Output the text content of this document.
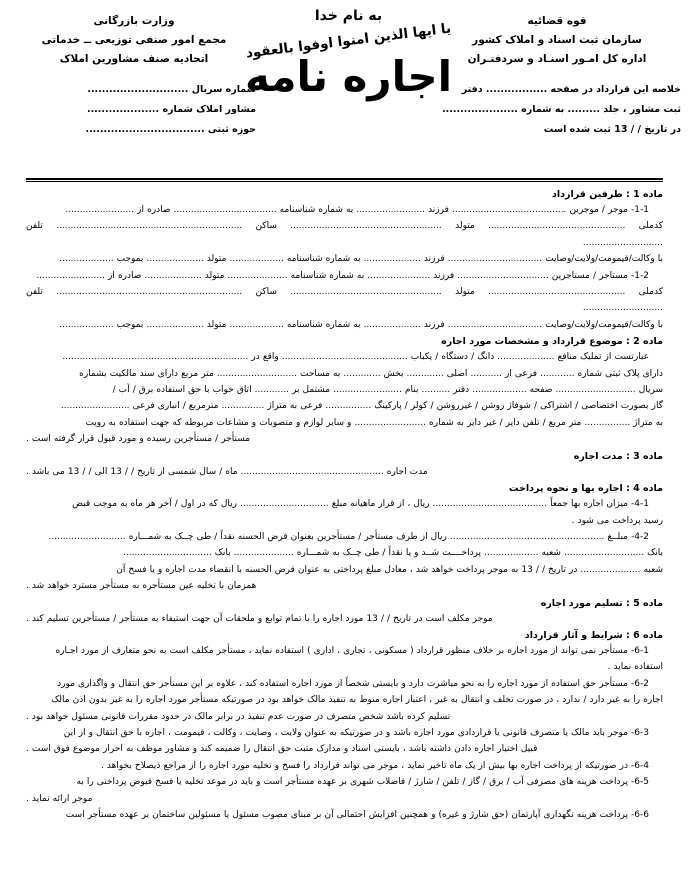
قوه قضائیه
سازمان ثبت اسناد و املاک کشور
اداره کل امـور اسنـاد و سردفتـران
خلاصه این قرارداد در صفحه ................. دفتر
ثبت مشاور ، جلد ......... به شماره .....................
در تاریخ / / 13 ثبت شده است
به نام خدا
یا ایها الذین امنوا اوفوا بالعقود
اجاره نامه
وزارت بازرگانی
مجمع امور صنفی توزیعی ــ خدماتی
اتحادیه صنف مشاورین املاک
شماره سریال ............................
مشاور املاک شماره ....................
حوزه ثبتی .................................
ماده 1 : طرفین قرارداد

1-1- موجر / موجرین ........................................ فرزند ........................ به شماره شناسنامه .................................... صادره از ........................

کدملی ................................................ متولد ..................................................... ساکن ................................................................. تلفن ............................

با وکالت/قیمومت/ولایت/وصایت ................................. فرزند .................... به شماره شناسنامه ................... متولد .................... بموجب ...................

1-2- مستاجر / مستاجرین ................................ فرزند ...................... به شماره شناسنامه ..................... متولد .................... صادره از ........................

کدملی ................................................ متولد ..................................................... ساکن ................................................................. تلفن ............................

با وکالت/قیمومت/ولایت/وصایت ................................. فرزند .................... به شماره شناسنامه ................... متولد .................... بموجب ...................

ماده 2 : موضوع قرارداد و مشخصات مورد اجاره

عبارتست از تملیک منافع .................... دانگ / دستگاه / یکباب ............................................ واقع در .................................................................

دارای پلاک ثبتی شماره ............ فرعی از ........... اصلی ............. بخش ............. به مساحت ............................ متر مربع دارای سند مالکیت بشماره

سریال ............................ صفحه ................... دفتر .......... بنام ........................ مشتمل بر ............ اتاق خواب با حق استفاده برق / آب /

گاز بصورت اختصاصی / اشتراکی / شوفاژ روشن / غیرروشن / کولر / پارکینگ ................ فرعی به متراژ ............... مترمربع / انباری فرعی ........................

به متراژ ................ متر مربع / تلفن دایر / غیر دایر به شماره ......................... و سایر لوازم و منصوبات و مشاعات مربوطه که جهت استفاده به رویت

مستأجر / مستأجرین رسیده و مورد قبول قرار گرفته است .

ماده 3 : مدت اجاره

مدت اجاره .................................................. ماه / سال شمسی از تاریخ / / 13 الی / / 13 می باشد .

ماده 4 : اجاره بها و نحوه پرداخت

4-1- میزان اجاره بها جمعاً ........................................ ریال ، از قرار ماهیانه مبلغ ............................... ریال که در اول / آخر هر ماه به موجب قبض

رسید پرداخت می شود .

4-2- مبلــغ ...................................................... ریال از طرف مستأجر / مستأجرین بعنوان قرض الحسنه نقداً / طی چــک به شمـــاره ...........................

بانک ............................ شعبه ................... پرداخــــت شــد و یا نقداً / طی چــک به شمـــاره ..................... بانک ...............................

شعبه ..................... در تاریخ / / 13 به موجر پرداخت خواهد شد ، معادل مبلغ پرداختی به عنوان قرض الحسنه با انقضاء مدت اجاره و یا فسخ آن

همزمان با تخلیه عین مستأجره به مستأجر مسترد خواهد شد .

ماده 5 : تسلیم مورد اجاره

موجر مکلف است در تاریخ / / 13 مورد اجاره را با تمام توابع و ملحقات آن جهت استیفاء به مستأجر / مستأجرین تسلیم کند .

ماده 6 : شرایط و آثار قرارداد

6-1- مستأجر نمی تواند از مورد اجاره بر خلاف منظور قرارداد ( مسکونی ، تجاری ، اداری ) استفاده نماید ، مستأجر مکلف است به نحو متعارف از مورد اجـاره

استفاده نماید .

6-2- مستأجر حق استفاده از مورد اجاره را به نحو مباشرت دارد و بایستی شخصاً از مورد اجاره استفاده کند ، علاوه بر این مستأجر حق انتقال و واگذاری مورد

اجاره را به غیر دارد / ندارد ، در صورت تخلف و انتقال به غیر ، اعتبار اجاره منوط به تنفیذ مالک خواهد بود در صورتیکه مستأجر مورد اجاره را به غیر بدون اذن مالک

تسلیم کرده باشد شخص متصرف در صورت عدم تنفیذ در برابر مالک در حدود مقررات قانونی مسئول خواهد بود .

6-3- موجر باید مالک یا متصرف قانونی یا قراردادی مورد اجاره باشد و در صورتیکه به عنوان ولایت ، وصایت ، وکالت ، قیمومت ، اجاره با حق انتقال و از این

قبیل اختیار اجاره دادن داشته باشد ، بایستی اسناد و مدارک مثبت حق انتقال را ضمیمه کند و مشاور موظف به احراز موضوع فوق است .

6-4- در صورتیکه از پرداخت اجاره بها بیش از یک ماه تاخیر نماید ، موجر می تواند قرارداد را فسخ و تخلیه مورد اجاره را از مراجع ذیصلاح بخواهد .

6-5- پرداخت هزینه های مصرفی آب / برق / گاز / تلفن / شارژ / فاضلاب شهری بر عهده مستأجر است و باید در موعد تخلیه یا فسخ قبوض پرداختی را به

موجر ارائه نماید .

6-6- پرداخت هزینه نگهداری آپارتمان (حق شارژ و غیره) و همچنین افزایش احتمالی آن بر مبنای مصوب مسئول یا مسئولین ساختمان بر عهده مستأجر است
